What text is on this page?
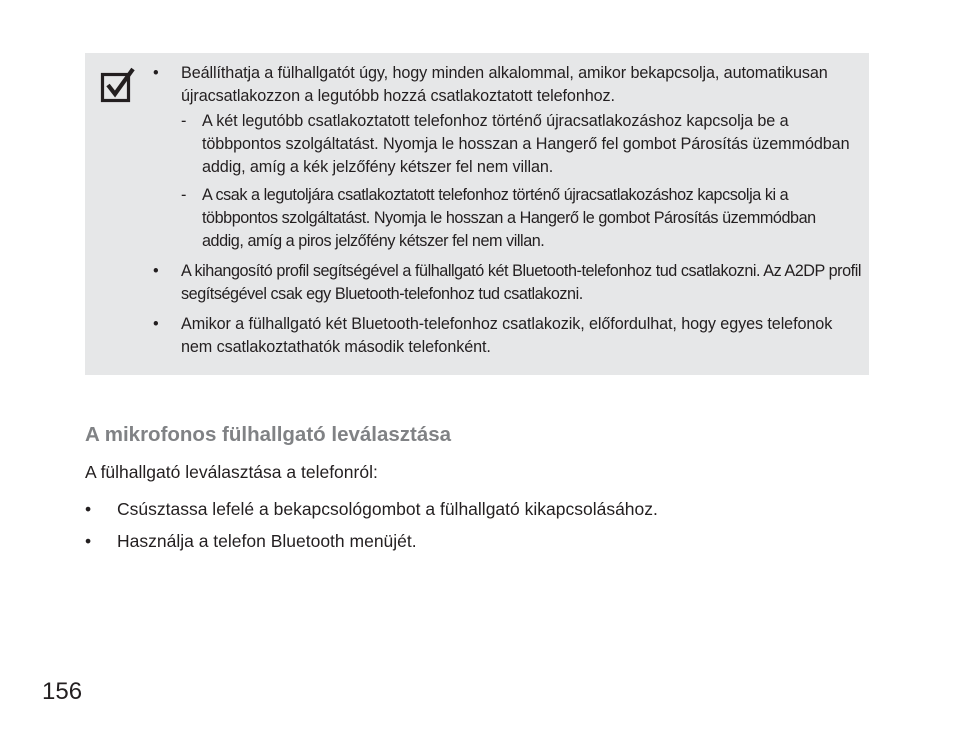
• Beállíthatja a fülhallgatót úgy, hogy minden alkalommal, amikor bekapcsolja, automatikusan újracsatlakozzon a legutóbb hozzá csatlakoztatott telefonhoz.
- A két legutóbb csatlakoztatott telefonhoz történő újracsatlakozáshoz kapcsolja be a többpontos szolgáltatást. Nyomja le hosszan a Hangerő fel gombot Párosítás üzemmódban addig, amíg a kék jelzőfény kétszer fel nem villan.
- A csak a legutoljára csatlakoztatott telefonhoz történő újracsatlakozáshoz kapcsolja ki a többpontos szolgáltatást. Nyomja le hosszan a Hangerő le gombot Párosítás üzemmódban addig, amíg a piros jelzőfény kétszer fel nem villan.
• A kihangosító profil segítségével a fülhallgató két Bluetooth-telefonhoz tud csatlakozni. Az A2DP profil segítségével csak egy Bluetooth-telefonhoz tud csatlakozni.
• Amikor a fülhallgató két Bluetooth-telefonhoz csatlakozik, előfordulhat, hogy egyes telefonok nem csatlakoztathatók második telefonként.
A mikrofonos fülhallgató leválasztása

A fülhallgató leválasztása a telefonról:

• Csúsztassa lefelé a bekapcsológombot a fülhallgató kikapcsolásához.
• Használja a telefon Bluetooth menüjét.
156
